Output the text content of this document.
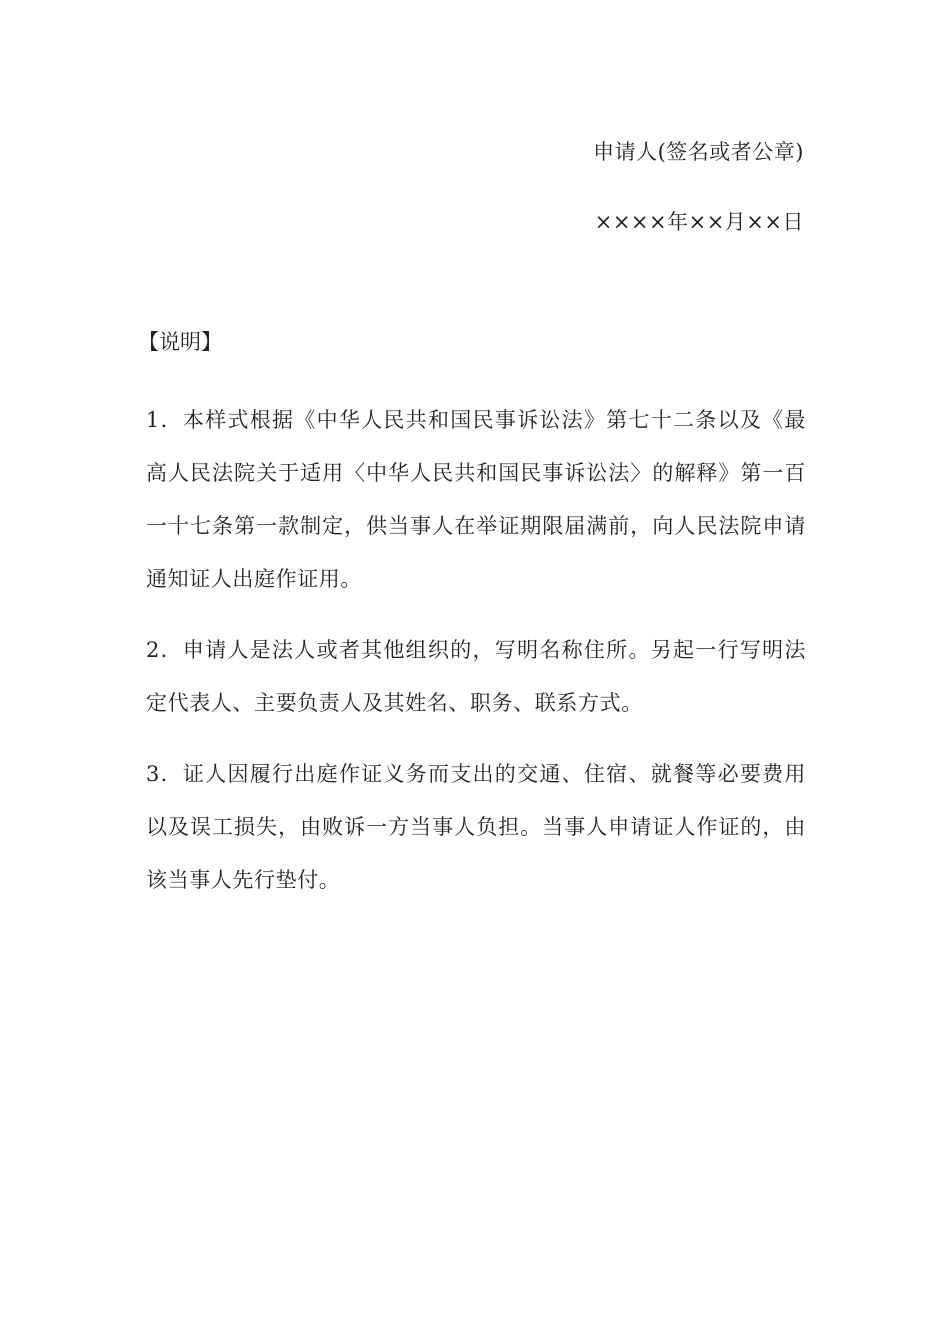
申请人(签名或者公章)
××××年××月××日
【说明】

1．本样式根据《中华人民共和国民事诉讼法》第七十二条以及《最高人民法院关于适用〈中华人民共和国民事诉讼法〉的解释》第一百一十七条第一款制定，供当事人在举证期限届满前，向人民法院申请通知证人出庭作证用。

2．申请人是法人或者其他组织的，写明名称住所。另起一行写明法定代表人、主要负责人及其姓名、职务、联系方式。

3．证人因履行出庭作证义务而支出的交通、住宿、就餐等必要费用以及误工损失，由败诉一方当事人负担。当事人申请证人作证的，由该当事人先行垫付。
